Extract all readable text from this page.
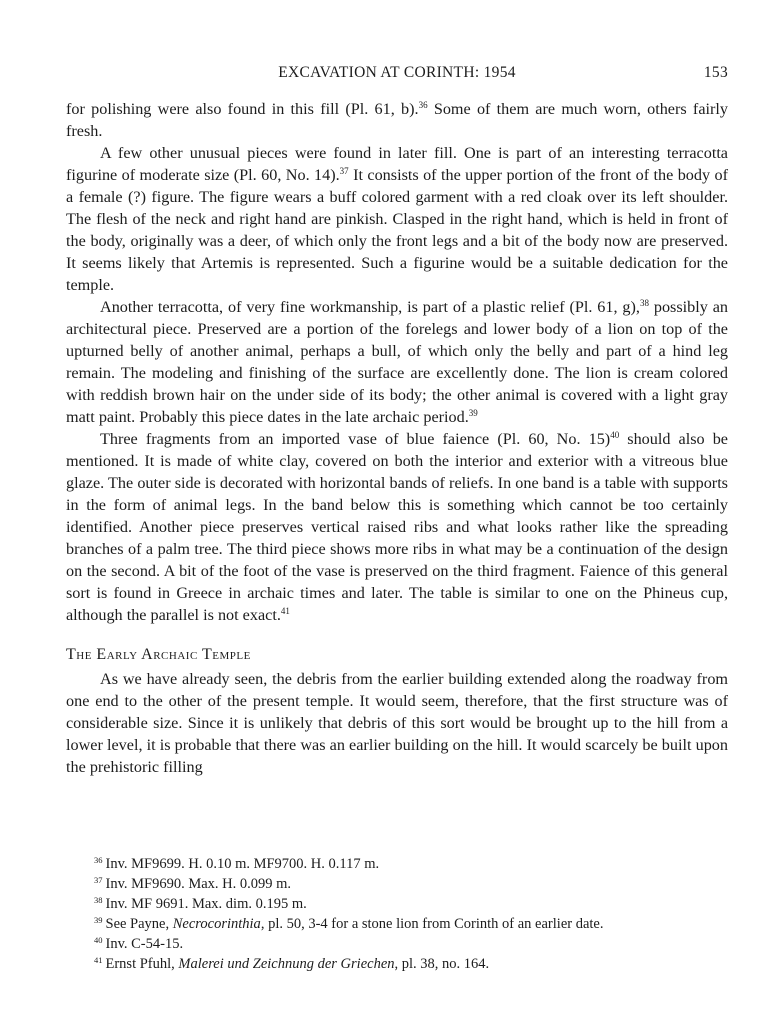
EXCAVATION AT CORINTH: 1954	153

for polishing were also found in this fill (Pl. 61, b).$^{36}$ Some of them are much worn, others fairly fresh.

A few other unusual pieces were found in later fill. One is part of an interesting terracotta figurine of moderate size (Pl. 60, No. 14).$^{37}$ It consists of the upper portion of the front of the body of a female (?) figure. The figure wears a buff colored garment with a red cloak over its left shoulder. The flesh of the neck and right hand are pinkish. Clasped in the right hand, which is held in front of the body, originally was a deer, of which only the front legs and a bit of the body now are preserved. It seems likely that Artemis is represented. Such a figurine would be a suitable dedication for the temple.

Another terracotta, of very fine workmanship, is part of a plastic relief (Pl. 61, g),$^{38}$ possibly an architectural piece. Preserved are a portion of the forelegs and lower body of a lion on top of the upturned belly of another animal, perhaps a bull, of which only the belly and part of a hind leg remain. The modeling and finishing of the surface are excellently done. The lion is cream colored with reddish brown hair on the under side of its body; the other animal is covered with a light gray matt paint. Probably this piece dates in the late archaic period.$^{39}$

Three fragments from an imported vase of blue faience (Pl. 60, No. 15)$^{40}$ should also be mentioned. It is made of white clay, covered on both the interior and exterior with a vitreous blue glaze. The outer side is decorated with horizontal bands of reliefs. In one band is a table with supports in the form of animal legs. In the band below this is something which cannot be too certainly identified. Another piece preserves vertical raised ribs and what looks rather like the spreading branches of a palm tree. The third piece shows more ribs in what may be a continuation of the design on the second. A bit of the foot of the vase is preserved on the third fragment. Faience of this general sort is found in Greece in archaic times and later. The table is similar to one on the Phineus cup, although the parallel is not exact.$^{41}$

The Early Archaic Temple

As we have already seen, the debris from the earlier building extended along the roadway from one end to the other of the present temple. It would seem, therefore, that the first structure was of considerable size. Since it is unlikely that debris of this sort would be brought up to the hill from a lower level, it is probable that there was an earlier building on the hill. It would scarcely be built upon the prehistoric filling

$^{36}$ Inv. MF9699. H. 0.10 m. MF9700. H. 0.117 m.

$^{37}$ Inv. MF9690. Max. H. 0.099 m.

$^{38}$ Inv. MF 9691. Max. dim. 0.195 m.

$^{39}$ See Payne, Necrocorinthia, pl. 50, 3-4 for a stone lion from Corinth of an earlier date.

$^{40}$ Inv. C-54-15.

$^{41}$ Ernst Pfuhl, Malerei und Zeichnung der Griechen, pl. 38, no. 164.
